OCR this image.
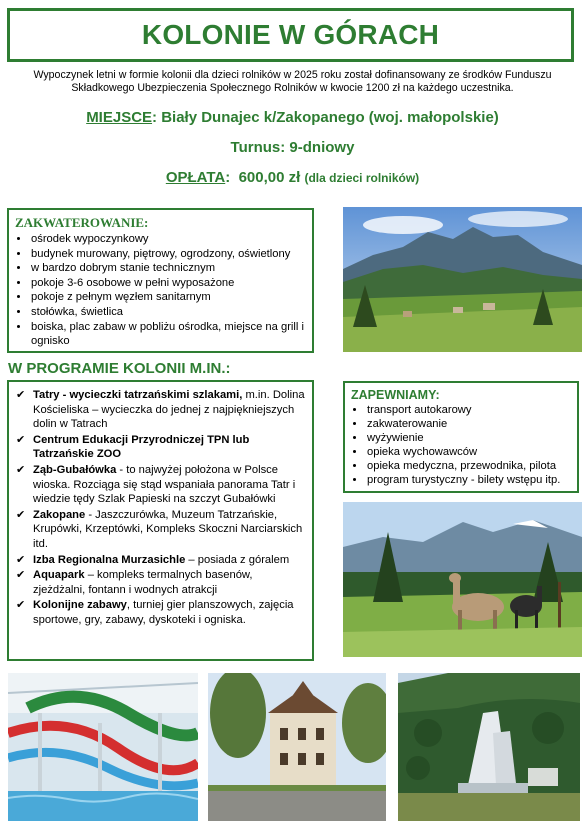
KOLONIE W GÓRACH
Wypoczynek letni w formie kolonii dla dzieci rolników w 2025 roku został dofinansowany ze środków Funduszu Składkowego Ubezpieczenia Społecznego Rolników w kwocie 1200 zł na każdego uczestnika.
MIEJSCE: Biały Dunajec k/Zakopanego (woj. małopolskie)
Turnus: 9-dniowy
OPŁATA: 600,00 zł (dla dzieci rolników)
ZAKWATEROWANIE:
• ośrodek wypoczynkowy
• budynek murowany, piętrowy, ogrodzony, oświetlony
• w bardzo dobrym stanie technicznym
• pokoje 3-6 osobowe w pełni wyposażone
• pokoje z pełnym węzłem sanitarnym
• stołówka, świetlica
• boiska, plac zabaw w pobliżu ośrodka, miejsce na grill i ognisko
W PROGRAMIE KOLONII M.IN.:
✔ Tatry - wycieczki tatrzańskimi szlakami, m.in. Dolina Kościeliska – wycieczka do jednej z najpiękniejszych dolin w Tatrach
✔ Centrum Edukacji Przyrodniczej TPN lub Tatrzańskie ZOO
✔ Ząb-Gubałówka - to najwyżej położona w Polsce wioska. Rozciąga się stąd wspaniała panorama Tatr i wiedzie tędy Szlak Papieski na szczyt Gubałówki
✔ Zakopane - Jaszczurówka, Muzeum Tatrzańskie, Krupówki, Krzeptówki, Kompleks Skoczni Narciarskich itd.
✔ Izba Regionalna Murzasichle – posiada z góralem
✔ Aquapark – kompleks termalnych basenów, zjeżdżalni, fontann i wodnych atrakcji
✔ Kolonijne zabawy, turniej gier planszowych, zajęcia sportowe, gry, zabawy, dyskoteki i ogniska.
ZAPEWNIAMY:
• transport autokarowy
• zakwaterowanie
• wyżywienie
• opieka wychowawców
• opieka medyczna, przewodnika, pilota
• program turystyczny - bilety wstępu itp.
